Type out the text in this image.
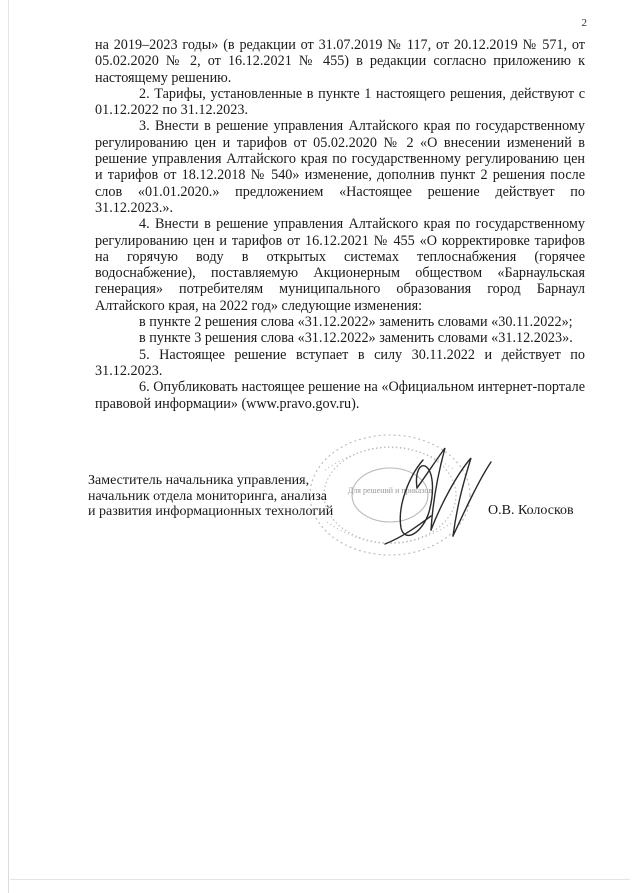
2

на 2019–2023 годы» (в редакции от 31.07.2019 № 117, от 20.12.2019 № 571, от 05.02.2020 № 2, от 16.12.2021 № 455) в редакции согласно приложению к настоящему решению.

2. Тарифы, установленные в пункте 1 настоящего решения, действуют с 01.12.2022 по 31.12.2023.

3. Внести в решение управления Алтайского края по государственному регулированию цен и тарифов от 05.02.2020 № 2 «О внесении изменений в решение управления Алтайского края по государственному регулированию цен и тарифов от 18.12.2018 № 540» изменение, дополнив пункт 2 решения после слов «01.01.2020.» предложением «Настоящее решение действует по 31.12.2023.».

4. Внести в решение управления Алтайского края по государственному регулированию цен и тарифов от 16.12.2021 № 455 «О корректировке тарифов на горячую воду в открытых системах теплоснабжения (горячее водоснабжение), поставляемую Акционерным обществом «Барнаульская генерация» потребителям муниципального образования город Барнаул Алтайского края, на 2022 год» следующие изменения:

в пункте 2 решения слова «31.12.2022» заменить словами «30.11.2022»;

в пункте 3 решения слова «31.12.2022» заменить словами «31.12.2023».

5. Настоящее решение вступает в силу 30.11.2022 и действует по 31.12.2023.

6. Опубликовать настоящее решение на «Официальном интернет-портале правовой информации» (www.pravo.gov.ru).

Для решений и приказов
Заместитель начальника управления,
начальник отдела мониторинга, анализа
и развития информационных технологий	О.В. Колосков
